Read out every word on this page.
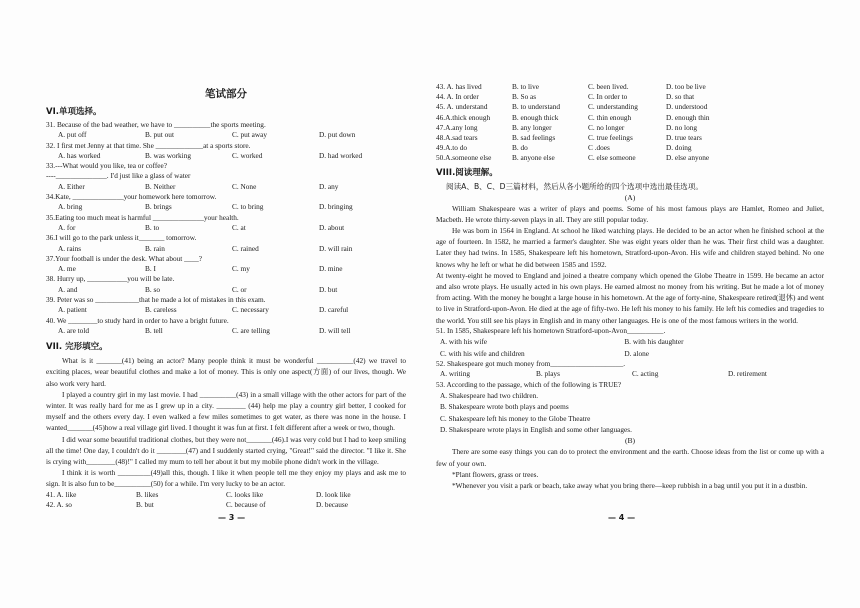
笔试部分
VI.单项选择。
31. Because of the bad weather, we have to __________the sports meeting.
A. put off	B. put out	C. put away	D. put down
32. I first met Jenny at that time. She _____________at a sports store.
A. has worked	B. was working	C. worked	D. had worked
33.---What would you like, tea or coffee?
----______________. I'd just like a glass of water
A. Either	B. Neither	C. None	D. any
34.Kate, ______________your homework here tomorrow.
A. bring	B. brings	C. to bring	D. bringing
35.Eating too much meat is harmful ______________your health.
A. for	B. to	C. at	D. about
36.I will go to the park unless it_______ tomorrow.
A. rains	B. rain	C. rained	D. will rain
37.Your football is under the desk. What about ____?
A. me	B. I	C. my	D. mine
38. Hurry up, ___________you will be late.
A. and	B. so	C. or	D. but
39. Peter was so ____________that he made a lot of mistakes in this exam.
A. patient	B. careless	C. necessary	D. careful
40. We ________to study hard in order to have a bright future.
A. are told	B. tell	C. are telling	D. will tell
VII. 完形填空。

What is it _______(41) being an actor? Many people think it must be wonderful __________(42) we travel to exciting places, wear beautiful clothes and make a lot of money. This is only one aspect(方面) of our lives, though. We also work very hard.

I played a country girl in my last movie. I had __________(43) in a small village with the other actors for part of the winter. It was really hard for me as I grew up in a city. ________ (44) help me play a country girl better, I cooked for myself and the others every day. I even walked a few miles sometimes to get water, as there was none in the house. I wanted_______(45)how a real village girl lived. I thought it was fun at first. I felt different after a week or two, though.

I did wear some beautiful traditional clothes, but they were not_______(46).I was very cold but I had to keep smiling all the time! One day, I couldn't do it ________(47) and I suddenly started crying, "Great!" said the director. "I like it. She is crying with________(48)!" I called my mum to tell her about it but my mobile phone didn't work in the village.

I think it is worth _________(49)all this, though. I like it when people tell me they enjoy my plays and ask me to sign. It is also fun to be__________(50) for a while. I'm very lucky to be an actor.

41. A. like	B. likes	C. looks like	D. look like
42. A. so	B. but	C. because of	D. because
— 3 —
43. A. has lived	B. to live	C. been lived.	D. too be live
44. A. In order	B. So as	C. In order to	D. so that
45. A. understand	B. to understand	C. understanding	D. understood
46.A.thick enough	B. enough thick	C. thin enough	D. enough thin
47.A.any long	B. any longer	C. no longer	D. no long
48.A.sad tears	B. sad feelings	C. true feelings	D. true tears
49.A.to do	B. do	C .does	D. doing
50.A.someone else	B. anyone else	C. else someone	D. else anyone
VIII.阅读理解。
阅读A、B、C、D三篇材料，然后从各小题所给的四个选项中选出最佳选项。
(A)

William Shakespeare was a writer of plays and poems. Some of his most famous plays are Hamlet, Romeo and Juliet, Macbeth. He wrote thirty-seven plays in all. They are still popular today.

He was born in 1564 in England. At school he liked watching plays. He decided to be an actor when he finished school at the age of fourteen. In 1582, he married a farmer's daughter. She was eight years older than he was. Their first child was a daughter. Later they had twins. In 1585, Shakespeare left his hometown, Stratford-upon-Avon. His wife and children stayed behind. No one knows why he left or what he did between 1585 and 1592.

At twenty-eight he moved to England and joined a theatre company which opened the Globe Theatre in 1599. He became an actor and also wrote plays. He usually acted in his own plays. He earned almost no money from his writing. But he made a lot of money from acting. With the money he bought a large house in his hometown. At the age of forty-nine, Shakespeare retired(退休) and went to live in Stratford-upon-Avon. He died at the age of fifty-two. He left his money to his family. He left his comedies and tragedies to the world. You still see his plays in English and in many other languages. He is one of the most famous writers in the world.

51. In 1585, Shakespeare left his hometown Stratford-upon-Avon__________.
A. with his wife	B. with his daughter
C. with his wife and children	D. alone
52. Shakespeare got much money from____________________.
A. writing	B. plays	C. acting	D. retirement
53. According to the passage, which of the following is TRUE?
A. Shakespeare had two children.
B. Shakespeare wrote both plays and poems
C. Shakespeare left his money to the Globe Theatre
D. Shakespeare wrote plays in English and some other languages.
(B)

There are some easy things you can do to protect the environment and the earth. Choose ideas from the list or come up with a few of your own.

*Plant flowers, grass or trees.

*Whenever you visit a park or beach, take away what you bring there—keep rubbish in a bag until you put it in a dustbin.

— 4 —
